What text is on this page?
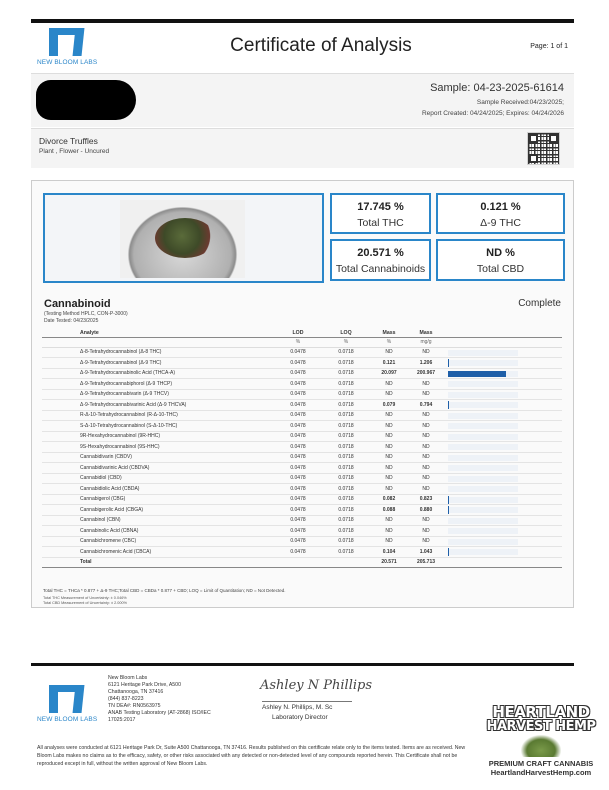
NEW BLOOM LABS
Certificate of Analysis	Page: 1 of 1
Sample: 04-23-2025-61614
Sample Received:04/23/2025;
Report Created: 04/24/2025; Expires: 04/24/2026
Divorce Truffles
Plant , Flower - Uncured
17.745 %
Total THC
0.121 %
Δ-9 THC
20.571 %
Total Cannabinoids
ND %
Total CBD
Cannabinoid	Complete
(Testing Method HPLC, CON-P-3000)
Date Tested: 04/23/2025
Analyte	LOD	LOQ	Mass	Mass	
	%	%	%	mg/g	
Δ-8-Tetrahydrocannabinol (Δ-8 THC)	0.0478	0.0718	ND	ND	

Δ-9-Tetrahydrocannabinol (Δ-9 THC)	0.0478	0.0718	0.121	1.206	

Δ-9-Tetrahydrocannabinolic Acid (THCA-A)	0.0478	0.0718	20.097	200.967	

Δ-9-Tetrahydrocannabiphorol (Δ-9 THCP)	0.0478	0.0718	ND	ND	

Δ-9-Tetrahydrocannabivarin (Δ-9 THCV)	0.0478	0.0718	ND	ND	

Δ-9-Tetrahydrocannabivarinic Acid (Δ-9 THCVA)	0.0478	0.0718	0.079	0.794	

R-Δ-10-Tetrahydrocannabinol (R-Δ-10-THC)	0.0478	0.0718	ND	ND	

S-Δ-10-Tetrahydrocannabinol (S-Δ-10-THC)	0.0478	0.0718	ND	ND	

9R-Hexahydrocannabinol (9R-HHC)	0.0478	0.0718	ND	ND	

9S-Hexahydrocannabinol (9S-HHC)	0.0478	0.0718	ND	ND	

Cannabidivarin (CBDV)	0.0478	0.0718	ND	ND	

Cannabidivarinic Acid (CBDVA)	0.0478	0.0718	ND	ND	

Cannabidiol (CBD)	0.0478	0.0718	ND	ND	

Cannabidiolic Acid (CBDA)	0.0478	0.0718	ND	ND	

Cannabigerol (CBG)	0.0478	0.0718	0.082	0.823	

Cannabigerolic Acid (CBGA)	0.0478	0.0718	0.088	0.880	

Cannabinol (CBN)	0.0478	0.0718	ND	ND	

Cannabinolic Acid (CBNA)	0.0478	0.0718	ND	ND	

Cannabichromene (CBC)	0.0478	0.0718	ND	ND	

Cannabichromenic Acid (CBCA)	0.0478	0.0718	0.104	1.043	

Total			20.571	205.713	
Total THC = THCa * 0.877 + Δ-9 THC;Total CBD = CBDa * 0.877 + CBD; LOQ = Limit of Quantitation; ND = Not Detected.
Total THC Measurement of Uncertainty: ± 0.046%
Total CBD Measurement of Uncertainty: ± 2.000%
NEW BLOOM LABS
New Bloom Labs
6121 Heritage Park Drive, A500
Chattanooga, TN 37416
(844) 837-8223
TN DEA#: RN0563975
ANAB Testing Laboratory (AT-2868) ISO/IEC
17025:2017
Ashley N Phillips
Ashley N. Phillips, M. Sc
Laboratory Director
All analyses were conducted at 6121 Heritage Park Dr, Suite A500 Chattanooga, TN 37416. Results published on this certificate relate only to the items tested. Items are as received. New Bloom Labs makes no claims as to the efficacy, safety, or other risks associated with any detected or non-detected level of any compounds reported herein. This Certificate shall not be reproduced except in full, without the written approval of New Bloom Labs.
HEARTLAND
HARVEST HEMP
PREMIUM CRAFT CANNABIS
HeartlandHarvestHemp.com
